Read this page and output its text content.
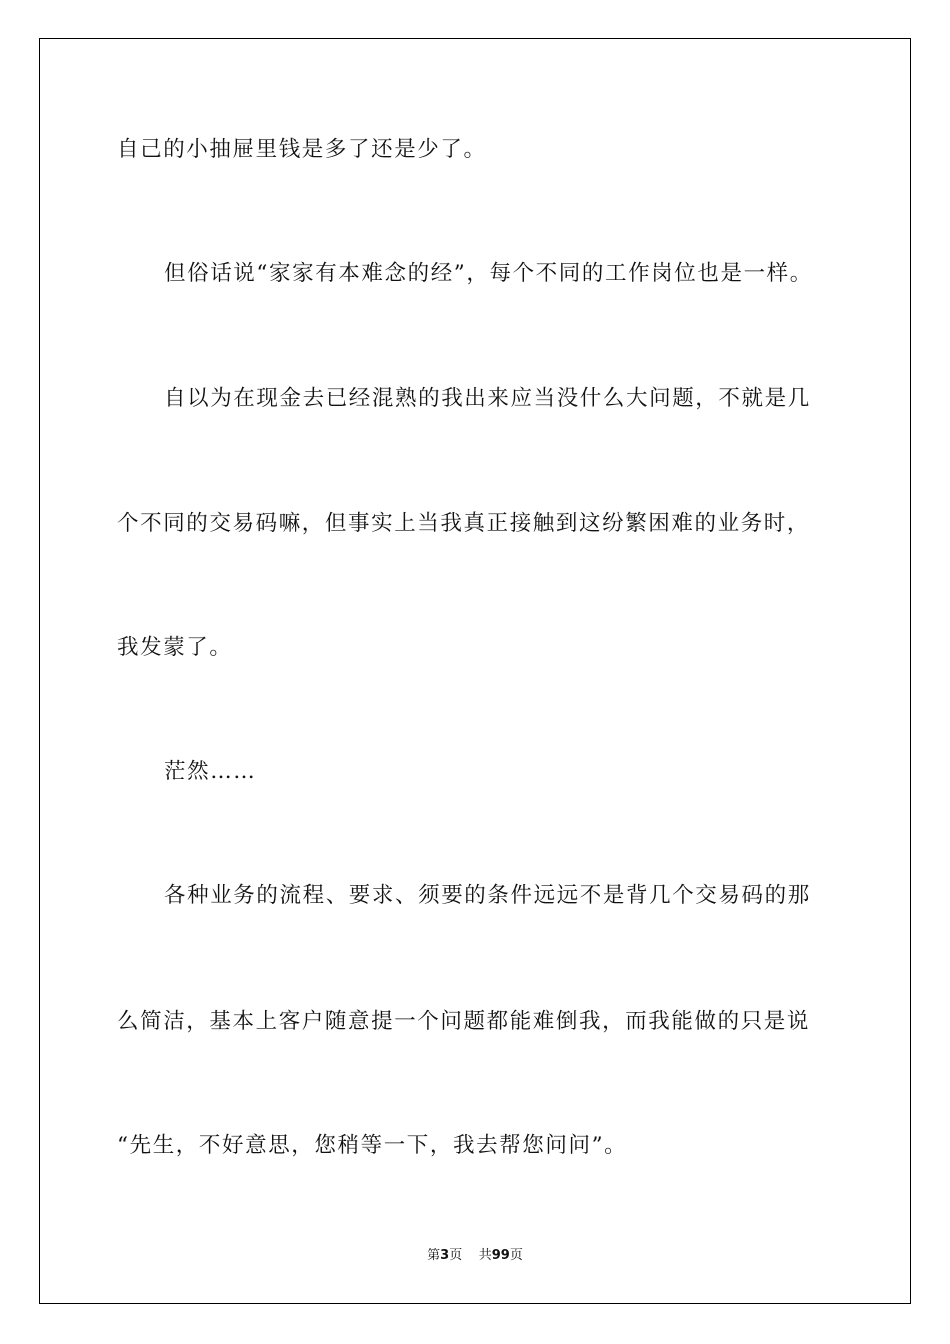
自己的小抽屉里钱是多了还是少了。
但俗话说“家家有本难念的经”，每个不同的工作岗位也是一样。
自以为在现金去已经混熟的我出来应当没什么大问题，不就是几
个不同的交易码嘛，但事实上当我真正接触到这纷繁困难的业务时，
我发蒙了。
茫然……
各种业务的流程、要求、须要的条件远远不是背几个交易码的那
么简洁，基本上客户随意提一个问题都能难倒我，而我能做的只是说
“先生，不好意思，您稍等一下，我去帮您问问”。
第3页 共99页
